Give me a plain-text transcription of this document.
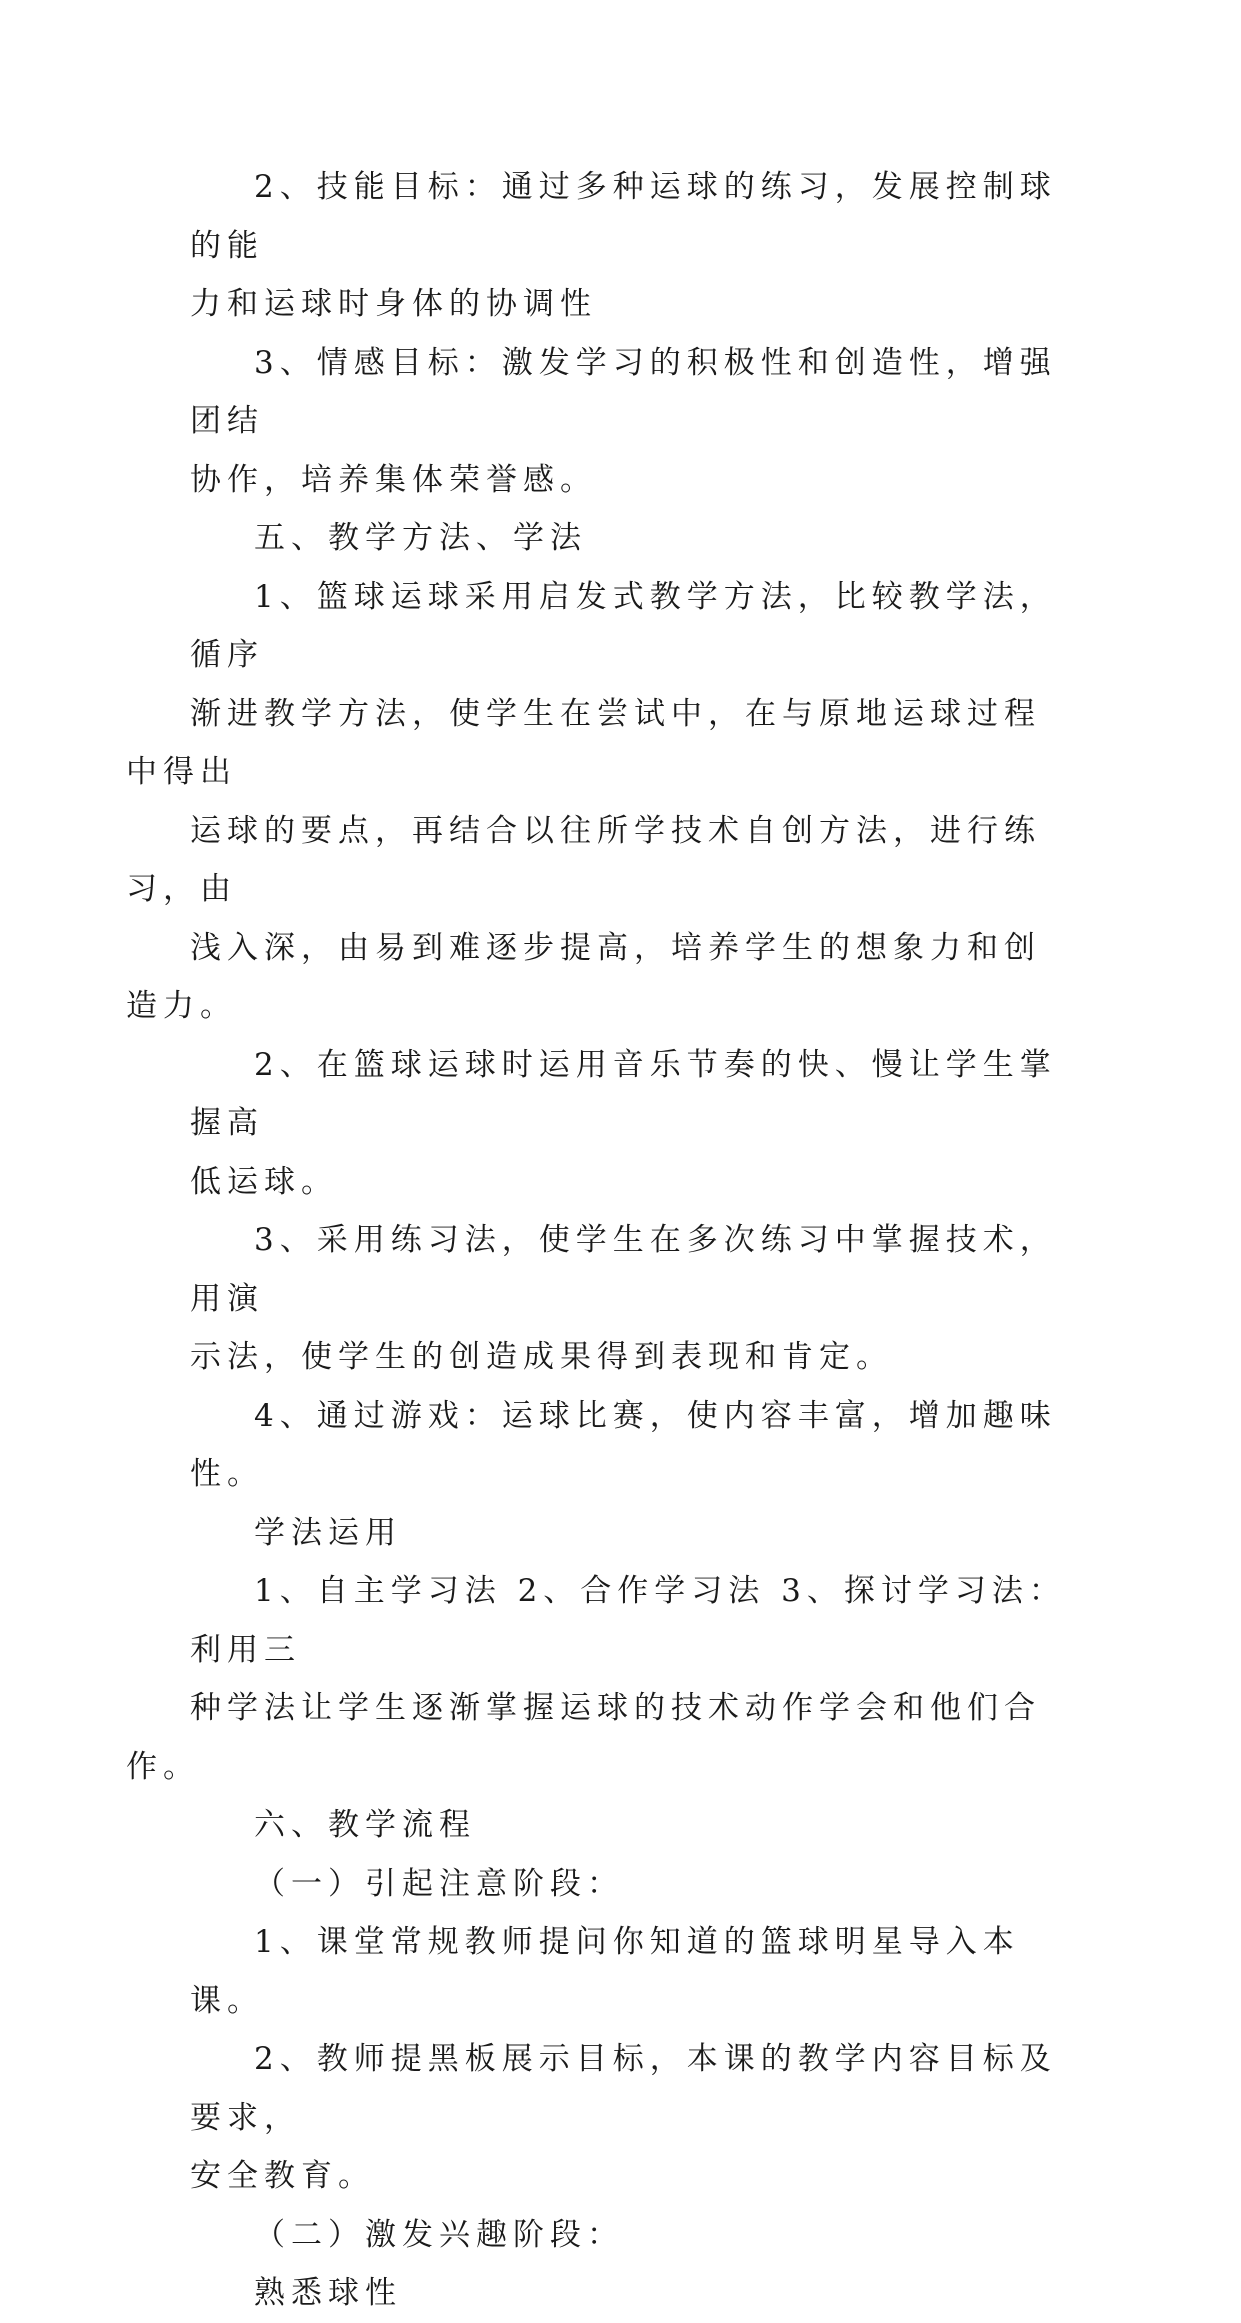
2、技能目标：通过多种运球的练习，发展控制球的能
力和运球时身体的协调性

3、情感目标：激发学习的积极性和创造性，增强团结
协作，培养集体荣誉感。

五、教学方法、学法

1、篮球运球采用启发式教学方法，比较教学法，循序
渐进教学方法，使学生在尝试中，在与原地运球过程中得出
运球的要点，再结合以往所学技术自创方法，进行练习，由
浅入深，由易到难逐步提高，培养学生的想象力和创造力。

2、在篮球运球时运用音乐节奏的快、慢让学生掌握高
低运球。

3、采用练习法，使学生在多次练习中掌握技术，用演
示法，使学生的创造成果得到表现和肯定。

4、通过游戏：运球比赛，使内容丰富，增加趣味性。

学法运用

1、自主学习法 2、合作学习法 3、探讨学习法：利用三
种学法让学生逐渐掌握运球的技术动作学会和他们合作。

六、教学流程

（一）引起注意阶段：

1、课堂常规教师提问你知道的篮球明星导入本课。

2、教师提黑板展示目标，本课的教学内容目标及要求，
安全教育。

（二）激发兴趣阶段：

熟悉球性
